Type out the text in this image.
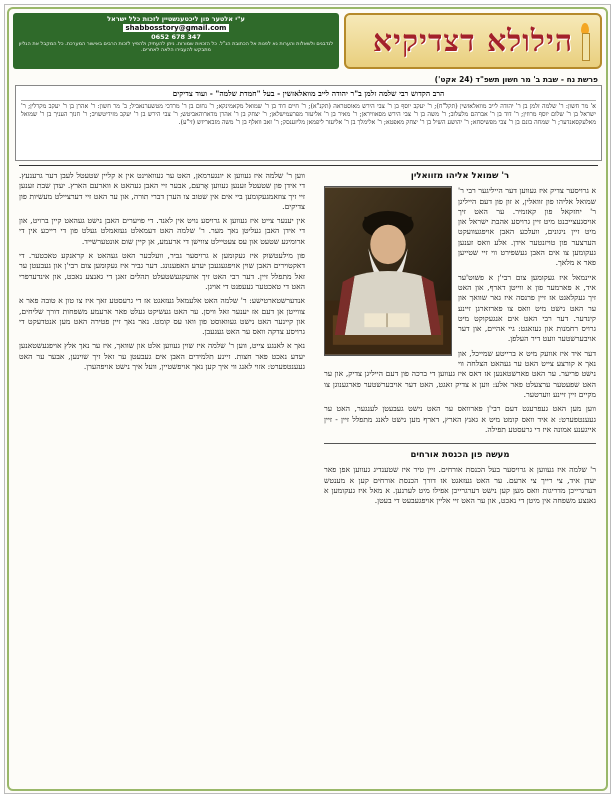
ע"י אלטער פון ליכטענשטיין לזכות כלל ישראל
shabbosstory@gmail.com
347 678 0652
לנדבנים ולשאלות והערות נא לפנות אל הכתובת הנ"ל. כל הזכויות שמורות. ניתן להעתיק ולהפיץ לזכות הרבים באישור המערכת. כל המקבל את הגליון מתבקש להעבירו הלאה לאחרים.	הילולא דצדיקיא
פרשת נח - שבת ב' מר חשון תשפ"ד (24 אקט')
הרב הקדוש רבי שלמה זלמן ב"ר יהודה לייב מוואלאזשין - בעל "חמדת שלמה" - ועוד צדיקים
א' מר חשון: ר' שלמה זלמן בן ר' יהודה לייב מוואלאזשין (תקל"ח); ר' יעקב יוסף בן ר' צבי הירש מאוסטראה (תקנ"א); ר' חיים דוד בן ר' שמואל מקאמינקא; ר' נחום בן ר' מרדכי מטשערנאביל; ב' מר חשון: ר' אהרן בן ר' יעקב מקרלין; ר' ישראל בן ר' שלום יוסף מרוזין; ר' דוד בן ר' אברהם מלעלוב; ר' משה בן ר' צבי הירש מסאוויראן; ר' מאיר בן ר' אליעזר מפרעמישלאן; ר' יצחק בן ר' אהרן מדארוהאביטש; ר' צבי הירש בן ר' יעקב מזידיטשויב; ר' חנוך העניך בן ר' שמואל מאלעקסאנדער; ר' שמחה בונם בן ר' צבי מפשיסחא; ר' יהושע השיל בן ר' יצחק מאפטא; ר' אלימלך בן ר' אליעזר ליפמאן מליזענסק; ר' זאב וואלף בן ר' משה מזבאריזש (זי"ע).
ר' שמואל אליהו מזוואלין

א גרויסער צדיק איז געווען דער הייליגער רבי ר' שמואל אליהו פון זוואלין, א זון פון דעם הייליגן ר' יחזקאל פון קאזמיר. ער האט זיך אויסגעצייכנט מיט זיין גרויסע אהבת ישראל און מיט זיין ניגונים, וועלכע האבן אויפגעוועקט הערצער פון טויזנטער אידן. אלע וואס זענען געקומען צו אים האבן געשפירט ווי זיי שטייען פאר א מלאך.

איינמאל איז געקומען צום רבי'ן א פשוט'ער איד, א פארמער פון א ווייטן דארף, און האט זיך געקלאגט אז זיין פרנסה איז גאר שוואך און ער האט נישט מיט וואס צו פארזארגן זיינע קינדער. דער רבי האט אים אנגעקוקט מיט גרויס רחמנות און געזאגט: גיי אהיים, און דער אויבערשטער וועט דיר העלפן.

דער איד איז אוועק מיט א ברייטע שמייכל, און נאך א קורצע צייט האט ער געהאט הצלחה ווי נישט פריער. ער האט פארשטאנען אז דאס איז געווען די ברכה פון דעם הייליגן צדיק, און ער האט שפעטער ערצעלט פאר אלע: ווען א צדיק זאגט, האט דער אויבערשטער פארגענוגן צו מקיים זיין זיינע ווערטער.

ווען מען האט געפרעגט דעם רבי'ן פארוואס ער האט נישט געבעטן לענגער, האט ער געענטפערט: א איד וואס קומט מיט א גאנץ הארץ, דארף מען נישט לאנג מתפלל זיין - זיין אייגענע אמונה איז די גרעסטע תפילה.

מעשה פון הכנסת אורחים

ר' שלמה איז געווען א גרויסער בעל הכנסת אורחים. זיין טיר איז שטענדיג געווען אפן פאר יעדן איד, צי רייך צי ארעם. ער האט געזאגט אז דורך הכנסת אורחים קען א מענטש דערגרייכן מדריגות וואס מען קען נישט דערגרייכן אפילו מיט לערנען. א מאל איז געקומען א גאנצע משפחה אין מיטן די נאכט, און ער האט זיי אליין אויפגעבעט די בעטן.

ווען ר' שלמה איז געווען א יונגערמאן, האט ער געוואוינט אין א קליין שטעטל לעבן דער גרענעץ. די אידן פון שטעטל זענען געווען אָרעם, אבער זיי האבן געהאט א ווארעם הארץ. יעדן שבת זענען זיי זיך צוזאמגעקומען ביי אים אין שטוב צו הערן דברי תורה, און ער האט זיי דערציילט מעשיות פון צדיקים.

אין יענער צייט איז געווען א גרויסע נויט אין לאנד. די פויערים האבן נישט געהאט קיין ברויט, און די אידן האבן געליטן נאך מער. ר' שלמה האט דעמאלט געזאמלט געלט פון די רייכע אין די ארומיגע שטעט און עס צעטיילט צווישן די ארעמע, אן קיין שום אונטערשייד.

פון מילעטשוק איז געקומען א גרויסער גביר, וועלכער האט געהאט א קראנקע טאכטער. די דאקטוירים האבן שוין אויפגעגעבן יעדע האפענונג. דער גביר איז געקומען צום רבי'ן און געבעטן ער זאל מתפלל זיין. דער רבי האט זיך אוועקגעשטעלט תהלים זאגן די גאנצע נאכט, און אינדערפרי האט די טאכטער געעפנט די אויגן.

אנדערשטארטישע: ר' שלמה האט אלעמאל געזאגט אז די גרעסטע זאך איז צו טון א טובה פאר א צווייטן אן דעם אז יענער זאל וויסן. ער האט געשיקט געלט פאר ארעמע משפחות דורך שליחים, און קיינער האט נישט געוואוסט פון וואו עס קומט. נאר נאך זיין פטירה האט מען אנטדעקט די גרויסע צדקה וואס ער האט געגעבן.

נאך א לאנגע צייט, ווען ר' שלמה איז שוין געווען אלט און שוואך, איז ער נאך אלץ אויפגעשטאנען יעדע נאכט פאר חצות. זיינע תלמידים האבן אים געבעטן ער זאל זיך שוינען, אבער ער האט געענטפערט: אזוי לאנג ווי איך קען נאך אויפשטיין, וועל איך נישט אויפהערן.
